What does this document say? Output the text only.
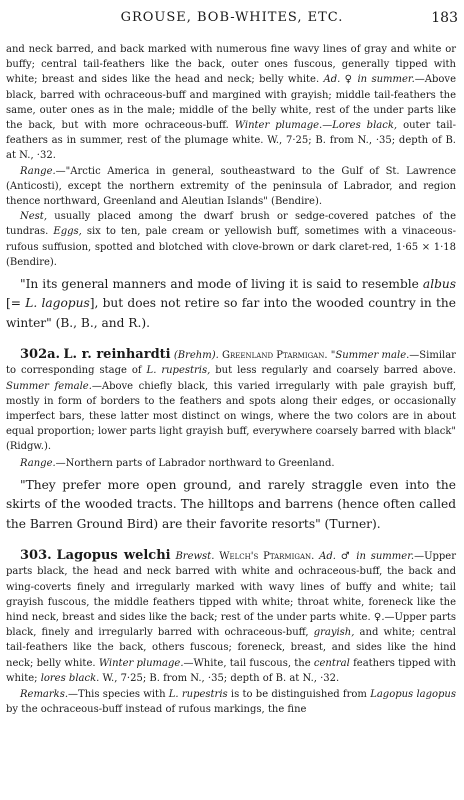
GROUSE, BOB-WHITES, ETC.	183

and neck barred, and back marked with numerous fine wavy lines of gray and white or buffy; central tail-feathers like the back, outer ones fuscous, generally tipped with white; breast and sides like the head and neck; belly white. Ad. ♀ in summer.—Above black, barred with ochraceous-buff and margined with grayish; middle tail-feathers the same, outer ones as in the male; middle of the belly white, rest of the under parts like the back, but with more ochraceous-buff. Winter plumage.—Lores black, outer tail-feathers as in summer, rest of the plumage white. W., 7·25; B. from N., ·35; depth of B. at N., ·32.

Range.—"Arctic America in general, southeastward to the Gulf of St. Lawrence (Anticosti), except the northern extremity of the peninsula of Labrador, and region thence northward, Greenland and Aleutian Islands" (Bendire).

Nest, usually placed among the dwarf brush or sedge-covered patches of the tundras. Eggs, six to ten, pale cream or yellowish buff, sometimes with a vinaceous-rufous suffusion, spotted and blotched with clove-brown or dark claret-red, 1·65 × 1·18 (Bendire).

"In its general manners and mode of living it is said to resemble albus [= L. lagopus], but does not retire so far into the wooded country in the winter" (B., B., and R.).

302a. L. r. reinhardti (Brehm). Greenland Ptarmigan. "Summer male.—Similar to corresponding stage of L. rupestris, but less regularly and coarsely barred above. Summer female.—Above chiefly black, this varied irregularly with pale grayish buff, mostly in form of borders to the feathers and spots along their edges, or occasionally imperfect bars, these latter most distinct on wings, where the two colors are in about equal proportion; lower parts light grayish buff, everywhere coarsely barred with black" (Ridgw.).

Range.—Northern parts of Labrador northward to Greenland.

"They prefer more open ground, and rarely straggle even into the skirts of the wooded tracts. The hilltops and barrens (hence often called the Barren Ground Bird) are their favorite resorts" (Turner).

303. Lagopus welchi Brewst. Welch's Ptarmigan. Ad. ♂ in summer.—Upper parts black, the head and neck barred with white and ochraceous-buff, the back and wing-coverts finely and irregularly marked with wavy lines of buffy and white; tail grayish fuscous, the middle feathers tipped with white; throat white, foreneck like the hind neck, breast and sides like the back; rest of the under parts white. ♀.—Upper parts black, finely and irregularly barred with ochraceous-buff, grayish, and white; central tail-feathers like the back, others fuscous; foreneck, breast, and sides like the hind neck; belly white. Winter plumage.—White, tail fuscous, the central feathers tipped with white; lores black. W., 7·25; B. from N., ·35; depth of B. at N., ·32.

Remarks.—This species with L. rupestris is to be distinguished from Lagopus lagopus by the ochraceous-buff instead of rufous markings, the fine
